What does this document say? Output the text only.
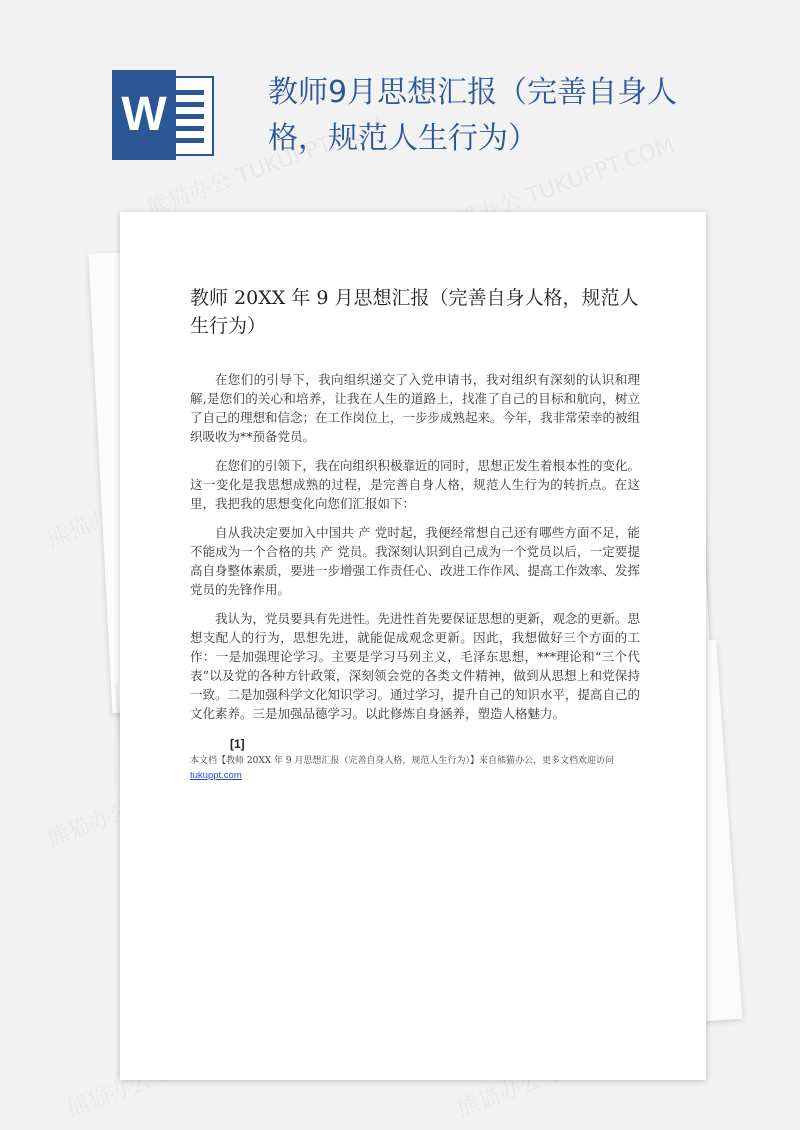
W	教师9月思想汇报（完善自身人格，规范人生行为）
教师 20XX 年 9 月思想汇报（完善自身人格，规范人生行为）

在您们的引导下，我向组织递交了入党申请书，我对组织有深刻的认识和理解,是您们的关心和培养，让我在人生的道路上，找准了自己的目标和航向，树立了自己的理想和信念；在工作岗位上，一步步成熟起来。今年，我非常荣幸的被组织吸收为**预备党员。

在您们的引领下，我在向组织积极靠近的同时，思想正发生着根本性的变化。这一变化是我思想成熟的过程，是完善自身人格，规范人生行为的转折点。在这里，我把我的思想变化向您们汇报如下：

自从我决定要加入中国共 产 党时起，我便经常想自己还有哪些方面不足，能不能成为一个合格的共 产 党员。我深刻认识到自己成为一个党员以后，一定要提高自身整体素质，要进一步增强工作责任心、改进工作作风、提高工作效率、发挥党员的先锋作用。

我认为，党员要具有先进性。先进性首先要保证思想的更新，观念的更新。思想支配人的行为，思想先进，就能促成观念更新。因此，我想做好三个方面的工作：一是加强理论学习。主要是学习马列主义，毛泽东思想，***理论和“三个代表”以及党的各种方针政策，深刻领会党的各类文件精神，做到从思想上和党保持一致。二是加强科学文化知识学习。通过学习，提升自己的知识水平，提高自己的文化素养。三是加强品德学习。以此修炼自身涵养，塑造人格魅力。

[1]
本文档【教师 20XX 年 9 月思想汇报（完善自身人格，规范人生行为）】来自熊猫办公，更多文档欢迎访问
tukuppt.com
